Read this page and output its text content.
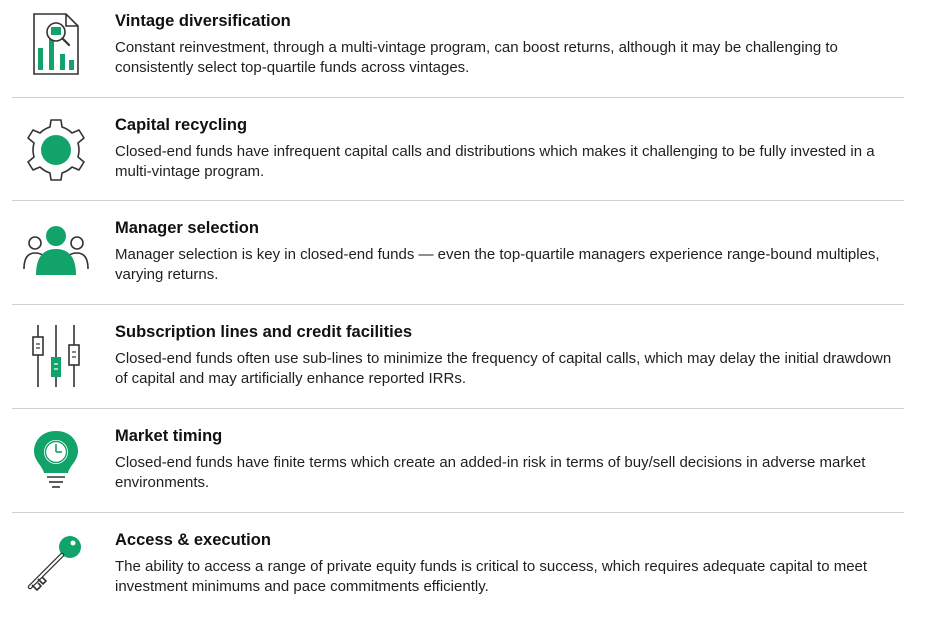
Vintage diversification
Constant reinvestment, through a multi-vintage program, can boost returns, although it may be challenging to consistently select top-quartile funds across vintages.
Capital recycling
Closed-end funds have infrequent capital calls and distributions which makes it challenging to be fully invested in a multi-vintage program.
Manager selection
Manager selection is key in closed-end funds — even the top-quartile managers experience range-bound multiples, varying returns.
Subscription lines and credit facilities
Closed-end funds often use sub-lines to minimize the frequency of capital calls, which may delay the initial drawdown of capital and may artificially enhance reported IRRs.
Market timing
Closed-end funds have finite terms which create an added-in risk in terms of buy/sell decisions in adverse market environments.
Access & execution
The ability to access a range of private equity funds is critical to success, which requires adequate capital to meet investment minimums and pace commitments efficiently.
